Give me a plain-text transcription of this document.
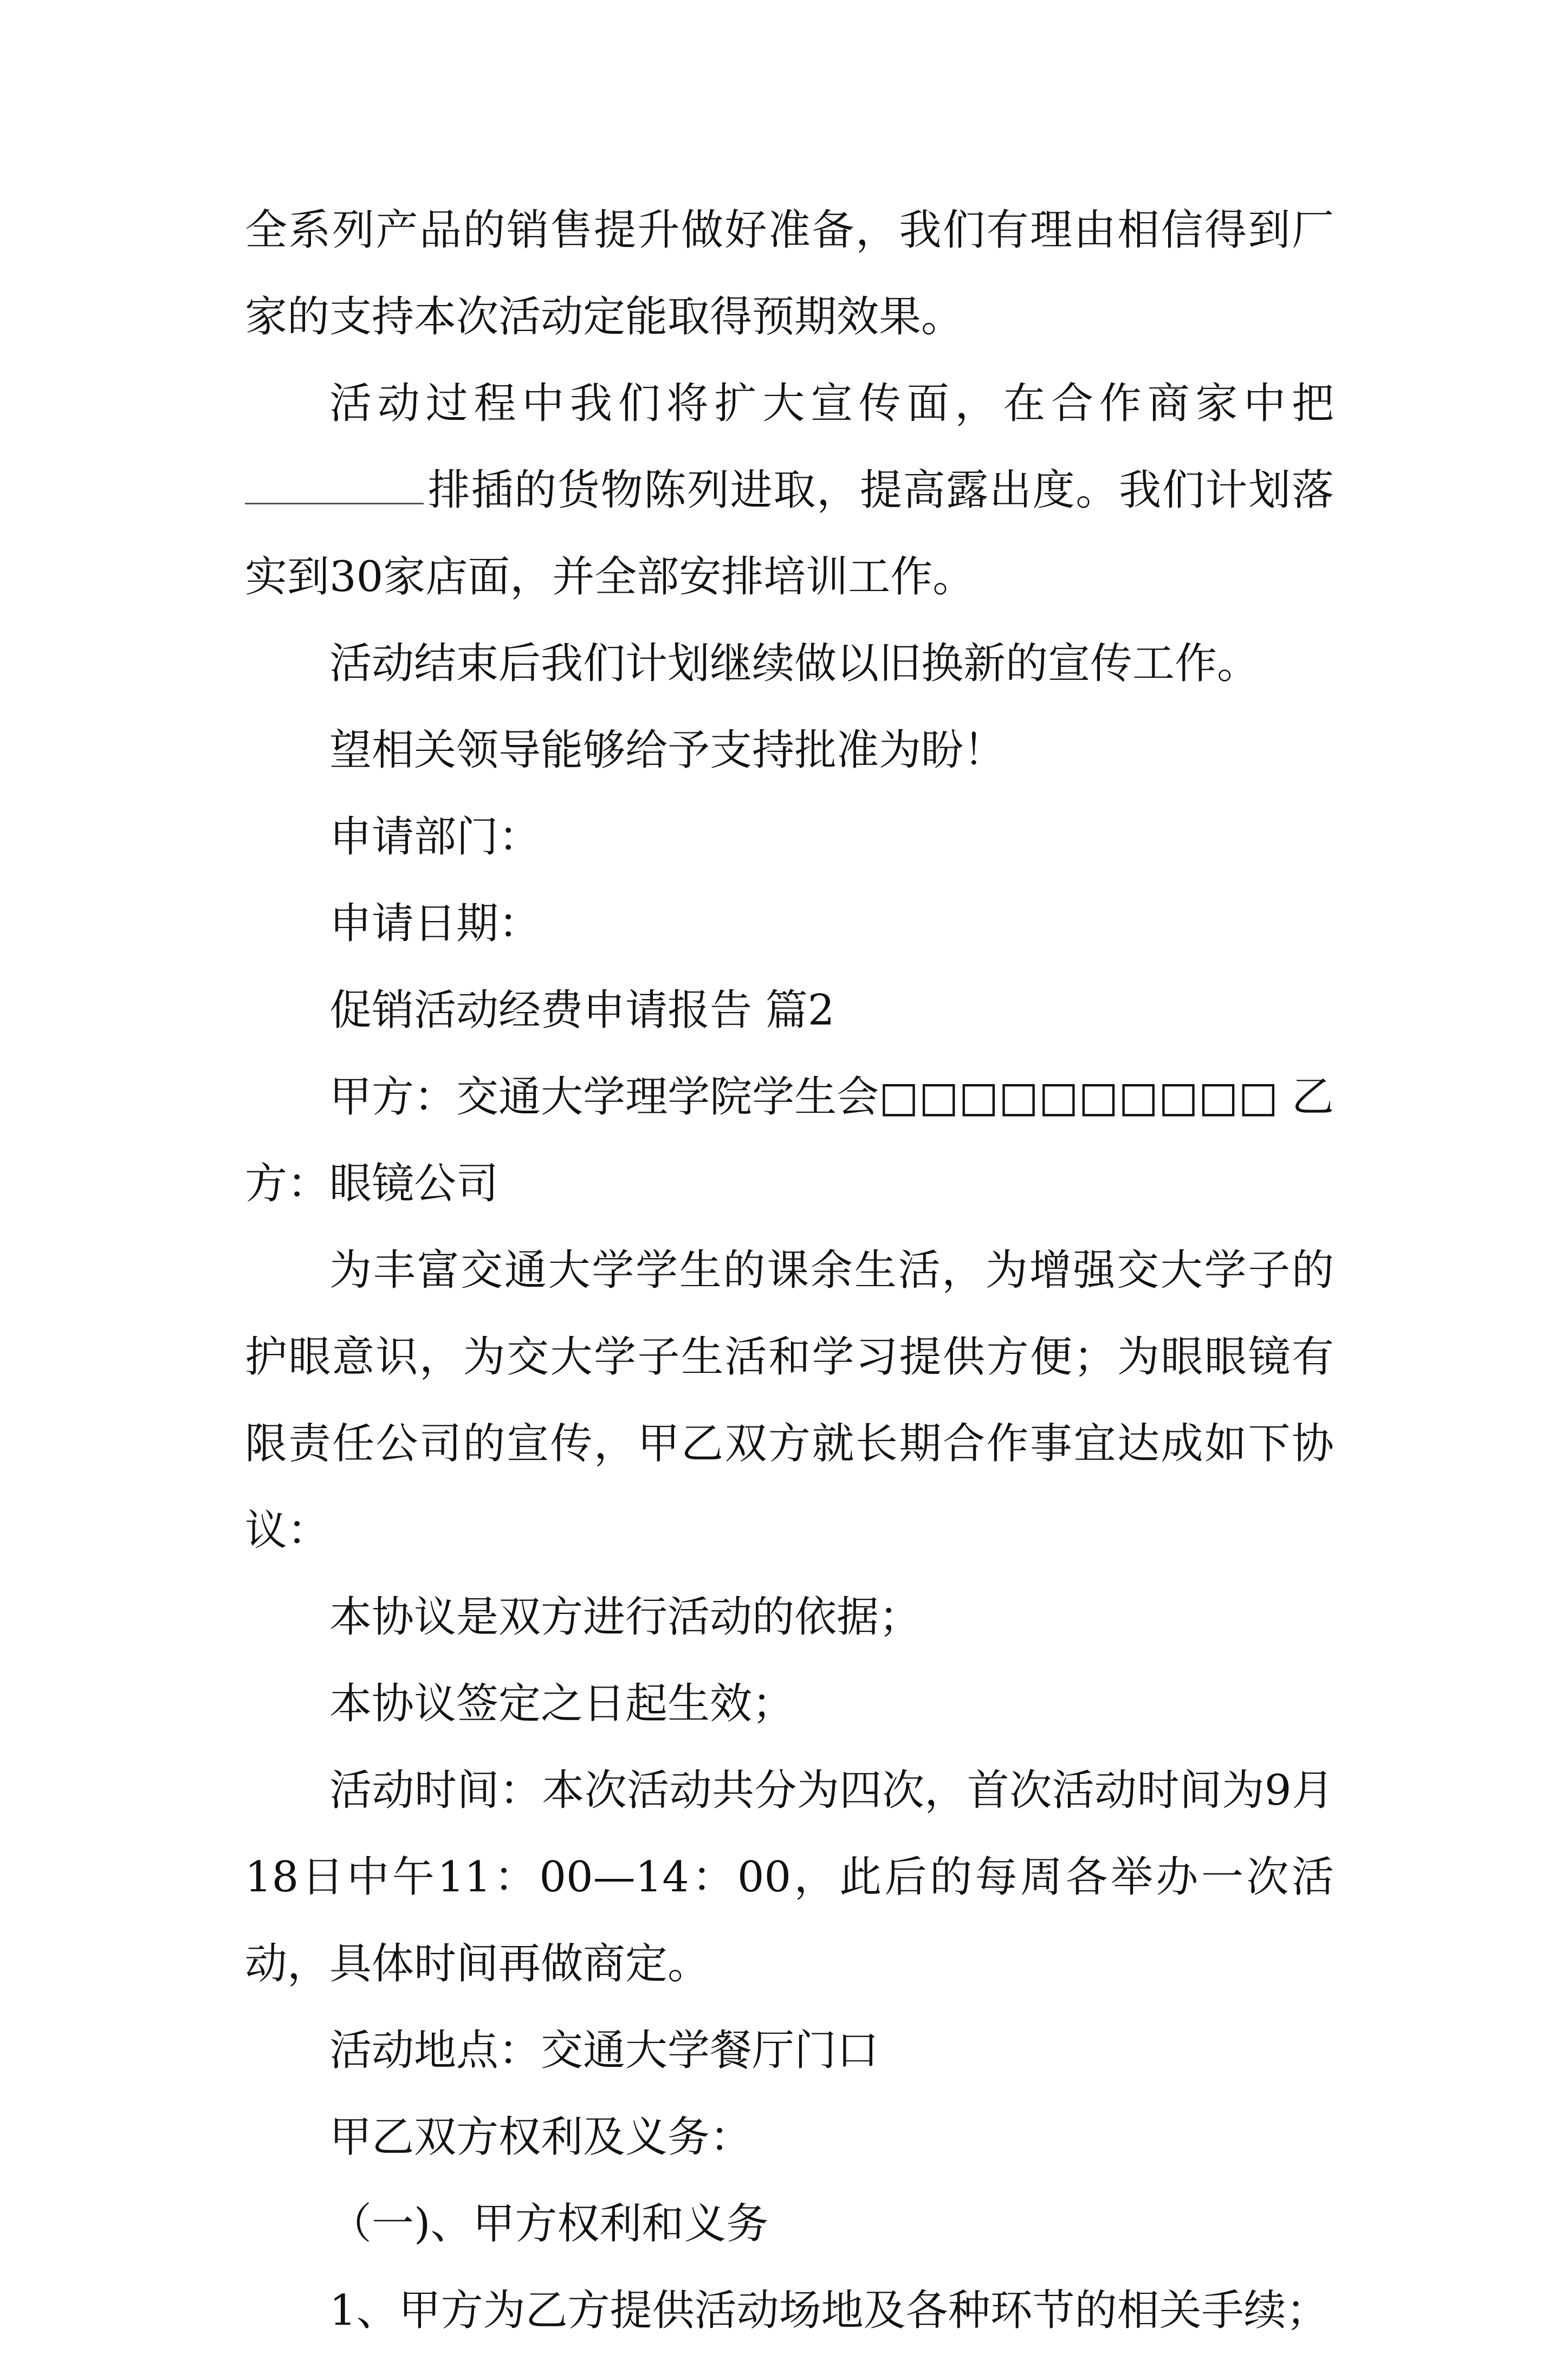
全系列产品的销售提升做好准备，我们有理由相信得到厂家的支持本次活动定能取得预期效果。

活动过程中我们将扩大宣传面，在合作商家中把排插的货物陈列进取，提高露出度。我们计划落实到30家店面，并全部安排培训工作。

活动结束后我们计划继续做以旧换新的宣传工作。

望相关领导能够给予支持批准为盼！

申请部门：

申请日期：

促销活动经费申请报告 篇2

甲方：交通大学理学院学生会□□□□□□□□□□ 乙方：眼镜公司

为丰富交通大学学生的课余生活，为增强交大学子的护眼意识，为交大学子生活和学习提供方便；为眼眼镜有限责任公司的宣传，甲乙双方就长期合作事宜达成如下协议：

本协议是双方进行活动的依据；

本协议签定之日起生效；

活动时间：本次活动共分为四次，首次活动时间为9月18日中午11：00—14：00，此后的每周各举办一次活动，具体时间再做商定。

活动地点：交通大学餐厅门口

甲乙双方权利及义务：

（一)、甲方权利和义务

1、甲方为乙方提供活动场地及各种环节的相关手续；
